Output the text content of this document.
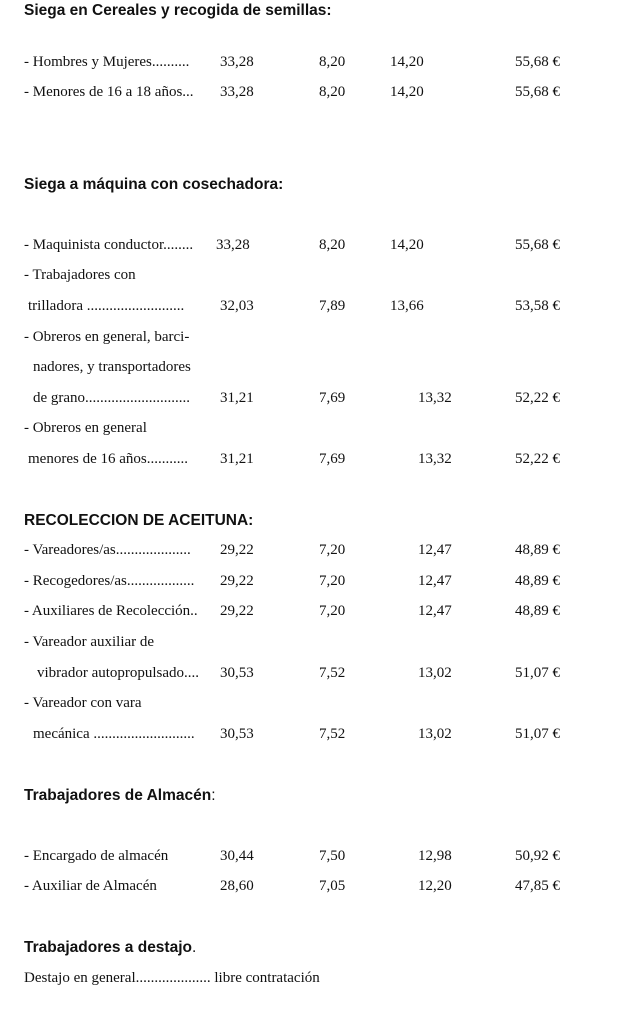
Siega en Cereales y recogida de semillas:
- Hombres y Mujeres.......... 33,28	8,20	14,20	55,68 €
- Menores de 16 a 18 años... 33,28	8,20	14,20	55,68 €
Siega a máquina con cosechadora:
- Maquinista conductor........ 33,28	8,20	14,20	55,68 €
- Trabajadores con
trilladora .......................... 32,03	7,89	13,66	53,58 €
- Obreros en general, barci-
nadores, y transportadores
de grano............................ 31,21	7,69	13,32	52,22 €
- Obreros en general
menores de 16 años........... 31,21	7,69	13,32	52,22 €
RECOLECCION DE ACEITUNA:
- Vareadores/as.................... 29,22	7,20	12,47	48,89 €
- Recogedores/as.................. 29,22	7,20	12,47	48,89 €
- Auxiliares de Recolección.. 29,22	7,20	12,47	48,89 €
- Vareador auxiliar de
vibrador autopropulsado.... 30,53	7,52	13,02	51,07 €
- Vareador con vara
mecánica ........................... 30,53	7,52	13,02	51,07 €
Trabajadores de Almacén:
- Encargado de almacén	30,44	7,50	12,98	50,92 €
- Auxiliar de Almacén	28,60	7,05	12,20	47,85 €
Trabajadores a destajo.
Destajo en general.................... libre contratación
